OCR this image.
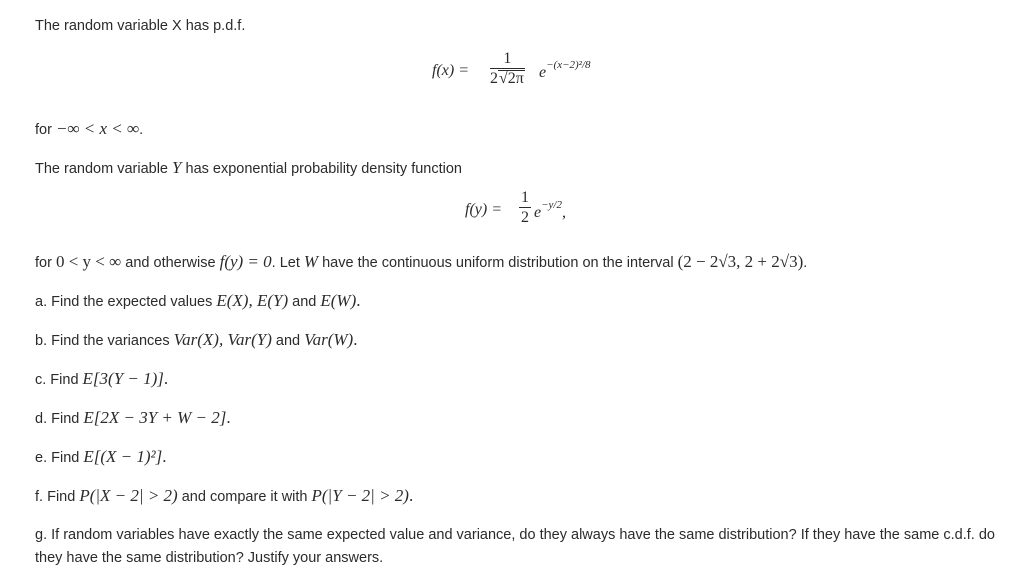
The random variable X has p.d.f.
$f(x) = \frac{1}{2√2\pi} e^{-(x-2)^2/8}$
for −∞ < x < ∞.
The random variable Y has exponential probability density function
$f(y) = \frac{1}{2} e^{-y/2}$,
for 0 < y < ∞ and otherwise f(y) = 0. Let W have the continuous uniform distribution on the interval (2 − 2√3, 2 + 2√3).
a. Find the expected values E(X), E(Y) and E(W).
b. Find the variances Var(X), Var(Y) and Var(W).
c. Find E[3(Y − 1)].
d. Find E[2X − 3Y + W − 2].
e. Find E[(X − 1)²].
f. Find P(|X − 2| > 2) and compare it with P(|Y − 2| > 2).
g. If random variables have exactly the same expected value and variance, do they always have the same distribution? If they have the same c.d.f. do they have the same distribution? Justify your answers.
